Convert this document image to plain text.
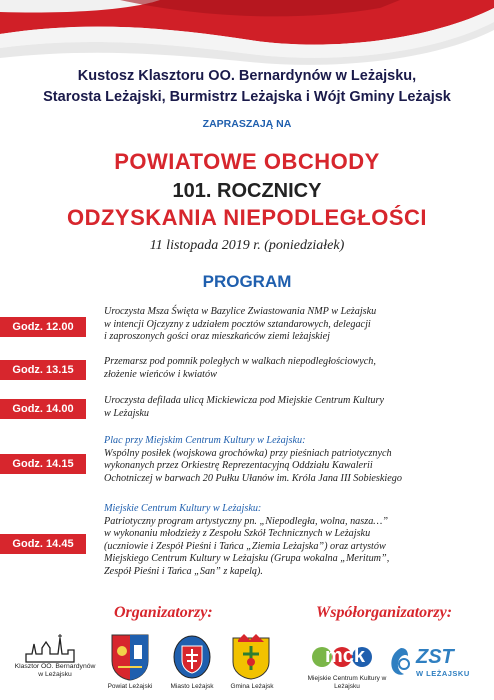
Kustosz Klasztoru OO. Bernardynów w Leżajsku,
Starosta Leżajski, Burmistrz Leżajska i Wójt Gminy Leżajsk
ZAPRASZAJĄ NA
POWIATOWE OBCHODY
101. ROCZNICY
ODZYSKANIA NIEPODLEGŁOŚCI
11 listopada 2019 r. (poniedziałek)
PROGRAM
Godz. 12.00
Uroczysta Msza Święta w Bazylice Zwiastowania NMP w Leżajsku
w intencji Ojczyzny z udziałem pocztów sztandarowych, delegacji
i zaproszonych gości oraz mieszkańców ziemi leżajskiej
Godz. 13.15
Przemarsz pod pomnik poległych w walkach niepodległościowych,
złożenie wieńców i kwiatów
Godz. 14.00
Uroczysta defilada ulicą Mickiewicza pod Miejskie Centrum Kultury
w Leżajsku
Godz. 14.15
Plac przy Miejskim Centrum Kultury w Leżajsku:
Wspólny posiłek (wojskowa grochówka) przy pieśniach patriotycznych
wykonanych przez Orkiestrę Reprezentacyjną Oddziału Kawalerii
Ochotniczej w barwach 20 Pułku Ułanów im. Króla Jana III Sobieskiego
Godz. 14.45
Miejskie Centrum Kultury w Leżajsku:
Patriotyczny program artystyczny pn. „Niepodległa, wolna, nasza…”
w wykonaniu młodzieży z Zespołu Szkół Technicznych w Leżajsku
(uczniowie i Zespół Pieśni i Tańca „Ziemia Leżajska”) oraz artystów
Miejskiego Centrum Kultury w Leżajsku (Grupa wokalna „Meritum”,
Zespół Pieśni i Tańca „San” z kapelą).
Organizatorzy:	Współorganizatorzy:
Klasztor OO. Bernardynów w Leżajsku
Powiat Leżajski	Miasto Leżajsk	Gmina Leżajsk
mck
Miejskie Centrum Kultury w Leżajsku
ZST
W LEŻAJSKU
